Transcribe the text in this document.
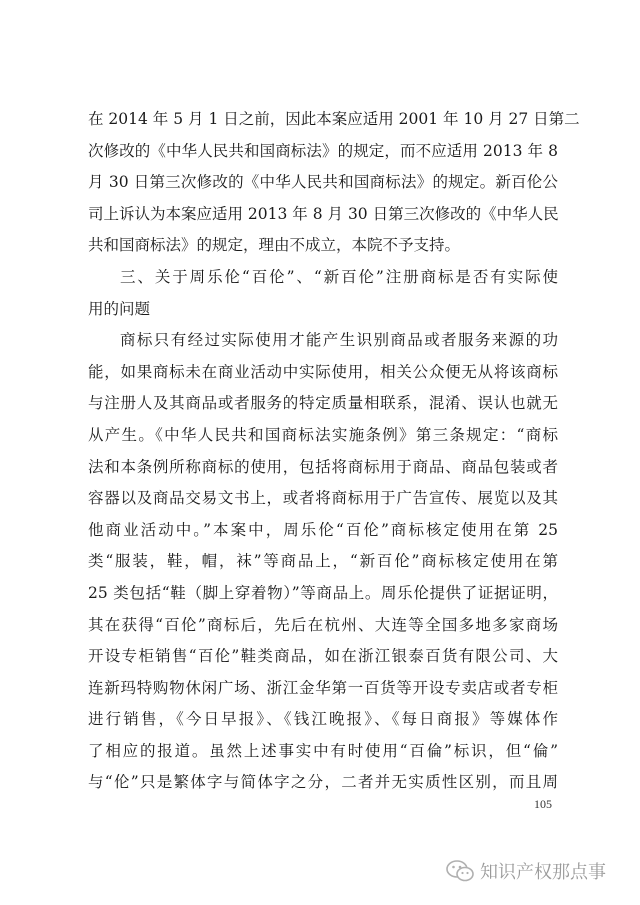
在 2014 年 5 月 1 日之前，因此本案应适用 2001 年 10 月 27 日第二
次修改的《中华人民共和国商标法》的规定，而不应适用 2013 年 8
月 30 日第三次修改的《中华人民共和国商标法》的规定。新百伦公
司上诉认为本案应适用 2013 年 8 月 30 日第三次修改的《中华人民
共和国商标法》的规定，理由不成立，本院不予支持。
三、关于周乐伦“百伦”、“新百伦”注册商标是否有实际使
用的问题
商标只有经过实际使用才能产生识别商品或者服务来源的功
能，如果商标未在商业活动中实际使用，相关公众便无从将该商标
与注册人及其商品或者服务的特定质量相联系，混淆、误认也就无
从产生。《中华人民共和国商标法实施条例》第三条规定：“商标
法和本条例所称商标的使用，包括将商标用于商品、商品包装或者
容器以及商品交易文书上，或者将商标用于广告宣传、展览以及其
他商业活动中。”本案中，周乐伦“百伦”商标核定使用在第 25
类“服装，鞋，帽，袜”等商品上，“新百伦”商标核定使用在第
25 类包括“鞋（脚上穿着物）”等商品上。周乐伦提供了证据证明，
其在获得“百伦”商标后，先后在杭州、大连等全国多地多家商场
开设专柜销售“百伦”鞋类商品，如在浙江银泰百货有限公司、大
连新玛特购物休闲广场、浙江金华第一百货等开设专卖店或者专柜
进行销售，《今日早报》、《钱江晚报》、《每日商报》等媒体作
了相应的报道。虽然上述事实中有时使用“百倫”标识，但“倫”
与“伦”只是繁体字与简体字之分，二者并无实质性区别，而且周
105
知识产权那点事
